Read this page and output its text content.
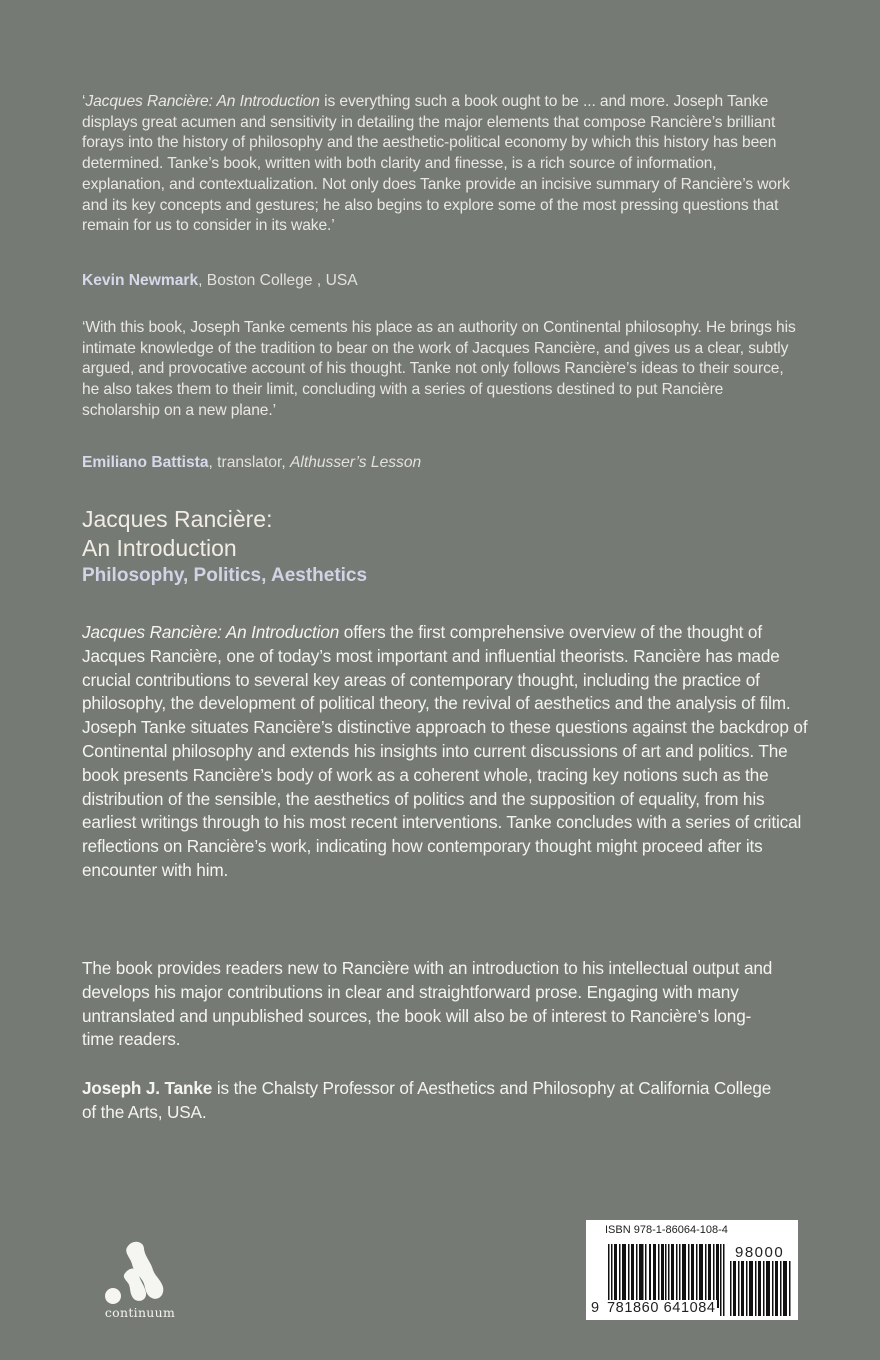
‘Jacques Rancière: An Introduction is everything such a book ought to be ... and more. Joseph Tanke displays great acumen and sensitivity in detailing the major elements that compose Rancière’s brilliant forays into the history of philosophy and the aesthetic-political economy by which this history has been determined. Tanke’s book, written with both clarity and finesse, is a rich source of information, explanation, and contextualization. Not only does Tanke provide an incisive summary of Rancière’s work and its key concepts and gestures; he also begins to explore some of the most pressing questions that remain for us to consider in its wake.’

Kevin Newmark, Boston College , USA

‘With this book, Joseph Tanke cements his place as an authority on Continental philosophy. He brings his intimate knowledge of the tradition to bear on the work of Jacques Rancière, and gives us a clear, subtly argued, and provocative account of his thought. Tanke not only follows Rancière’s ideas to their source, he also takes them to their limit, concluding with a series of questions destined to put Rancière scholarship on a new plane.’

Emiliano Battista, translator, Althusser’s Lesson

Jacques Rancière:
An Introduction
Philosophy, Politics, Aesthetics

Jacques Rancière: An Introduction offers the first comprehensive overview of the thought of Jacques Rancière, one of today’s most important and influential theorists. Rancière has made crucial contributions to several key areas of contemporary thought, including the practice of philosophy, the development of political theory, the revival of aesthetics and the analysis of film. Joseph Tanke situates Rancière’s distinctive approach to these questions against the backdrop of Continental philosophy and extends his insights into current discussions of art and politics. The book presents Rancière’s body of work as a coherent whole, tracing key notions such as the distribution of the sensible, the aesthetics of politics and the supposition of equality, from his earliest writings through to his most recent interventions. Tanke concludes with a series of critical reflections on Rancière’s work, indicating how contemporary thought might proceed after its encounter with him.

The book provides readers new to Rancière with an introduction to his intellectual output and develops his major contributions in clear and straightforward prose. Engaging with many untranslated and unpublished sources, the book will also be of interest to Rancière’s long-time readers.

Joseph J. Tanke is the Chalsty Professor of Aesthetics and Philosophy at California College of the Arts, USA.

continuum
ISBN 978-1-86064-108-4
98000
9 781860 641084
